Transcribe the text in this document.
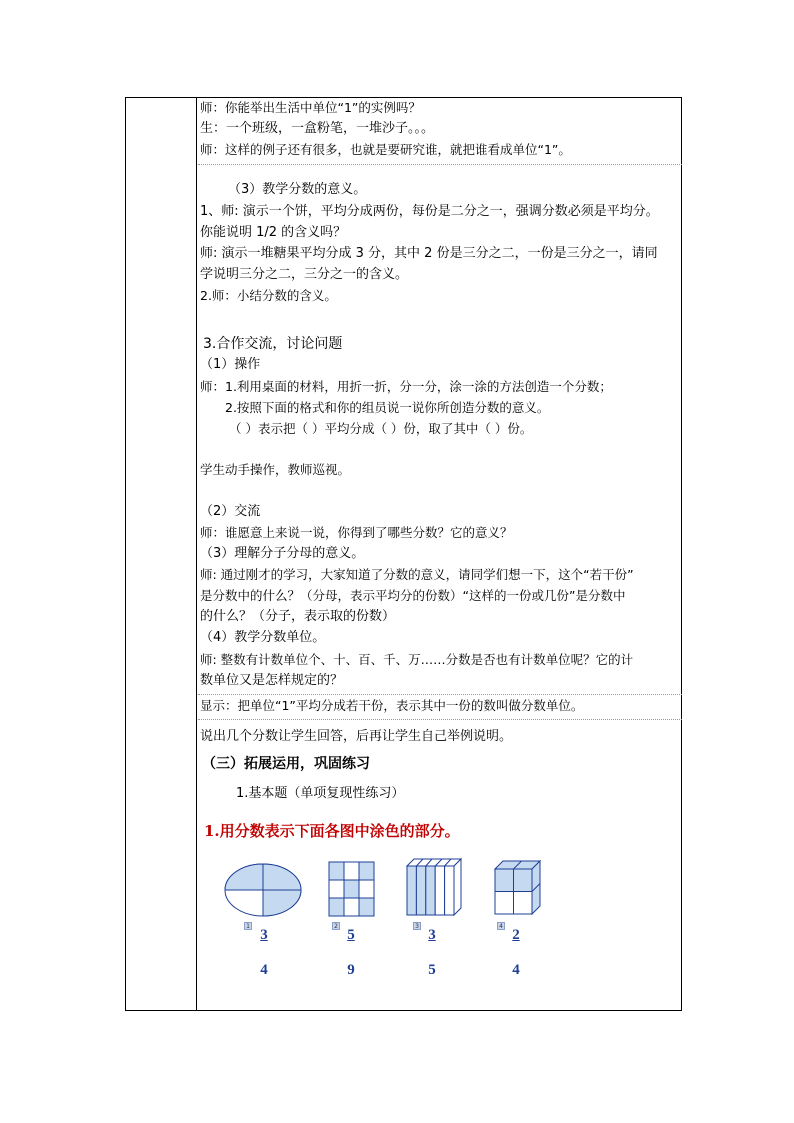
师：你能举出生活中单位“1”的实例吗？
生：一个班级，一盒粉笔，一堆沙子。。。
师：这样的例子还有很多，也就是要研究谁，就把谁看成单位“1”。
（3）教学分数的意义。
1、师: 演示一个饼，平均分成两份，每份是二分之一，强调分数必须是平均分。
你能说明 1/2 的含义吗？
师: 演示一堆糖果平均分成 3 分，其中 2 份是三分之二，一份是三分之一，请同
学说明三分之二，三分之一的含义。
2.师：小结分数的含义。
3.合作交流，讨论问题
（1）操作
师：1.利用桌面的材料，用折一折，分一分，涂一涂的方法创造一个分数；
2.按照下面的格式和你的组员说一说你所创造分数的意义。
（ ）表示把（ ）平均分成（ ）份，取了其中（ ）份。
学生动手操作，教师巡视。
（2）交流
师：谁愿意上来说一说，你得到了哪些分数？它的意义？
（3）理解分子分母的意义。
师: 通过刚才的学习，大家知道了分数的意义，请同学们想一下，这个“若干份”
是分数中的什么？（分母，表示平均分的份数）“这样的一份或几份”是分数中
的什么？（分子，表示取的份数）
（4）教学分数单位。
师: 整数有计数单位个、十、百、千、万……分数是否也有计数单位呢？它的计
数单位又是怎样规定的？
显示：把单位“1”平均分成若干份，表示其中一份的数叫做分数单位。
说出几个分数让学生回答，后再让学生自己举例说明。
（三）拓展运用，巩固练习
1.基本题（单项复现性练习）
1.用分数表示下面各图中涂色的部分。
1	2	3	4
3	5	3	2
4	9	5	4
